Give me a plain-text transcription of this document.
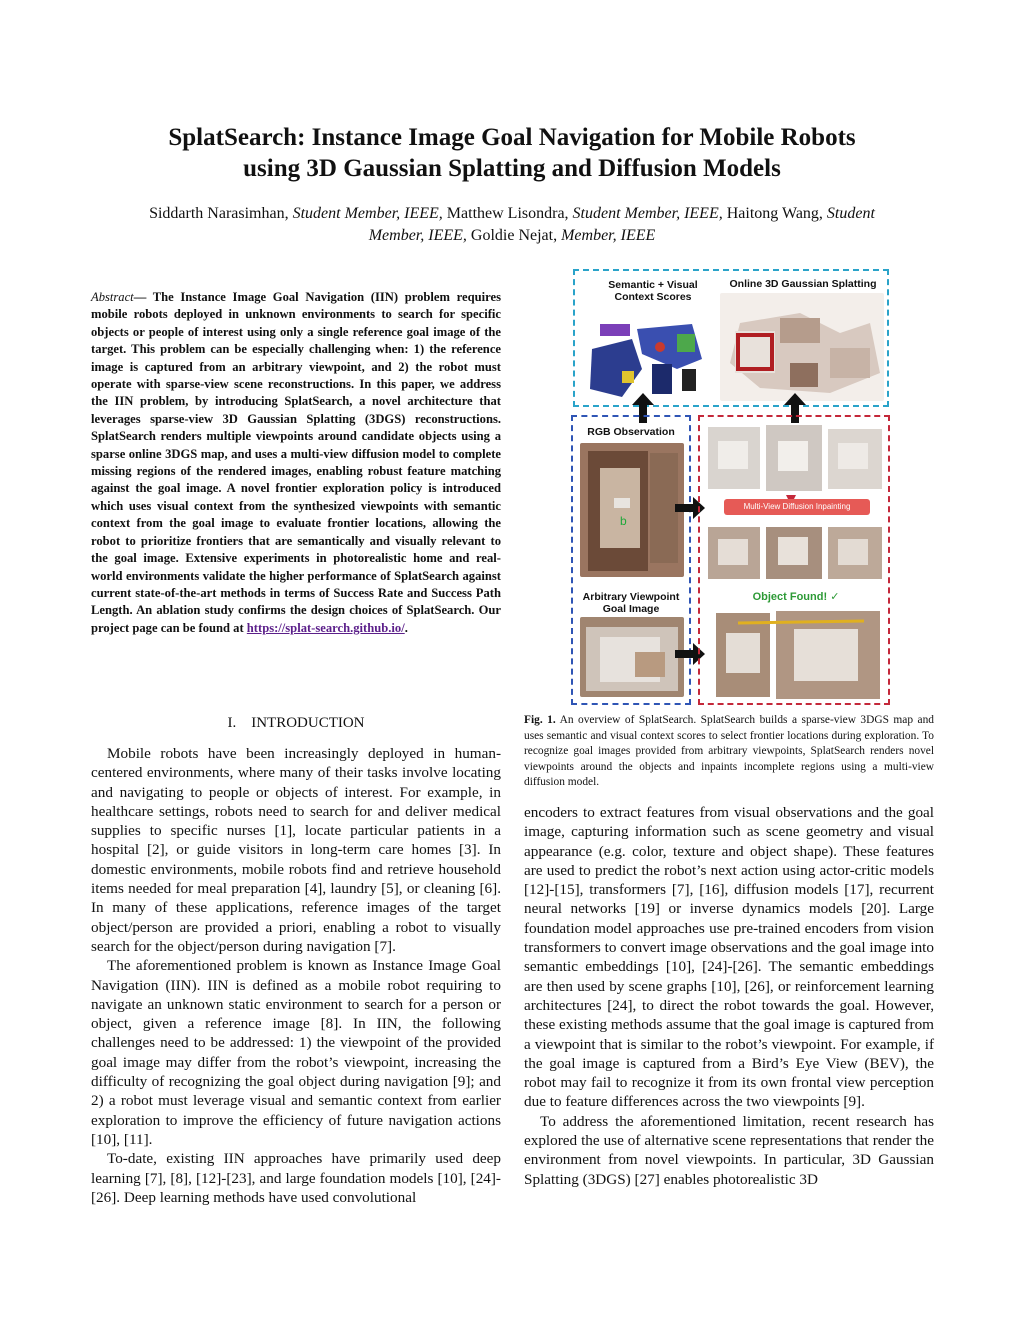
SplatSearch: Instance Image Goal Navigation for Mobile Robots
using 3D Gaussian Splatting and Diffusion Models
Siddarth Narasimhan, Student Member, IEEE, Matthew Lisondra, Student Member, IEEE, Haitong Wang, Student Member, IEEE, Goldie Nejat, Member, IEEE
Abstract— The Instance Image Goal Navigation (IIN) problem requires mobile robots deployed in unknown environments to search for specific objects or people of interest using only a single reference goal image of the target. This problem can be especially challenging when: 1) the reference image is captured from an arbitrary viewpoint, and 2) the robot must operate with sparse-view scene reconstructions. In this paper, we address the IIN problem, by introducing SplatSearch, a novel architecture that leverages sparse-view 3D Gaussian Splatting (3DGS) reconstructions. SplatSearch renders multiple viewpoints around candidate objects using a sparse online 3DGS map, and uses a multi-view diffusion model to complete missing regions of the rendered images, enabling robust feature matching against the goal image. A novel frontier exploration policy is introduced which uses visual context from the synthesized viewpoints with semantic context from the goal image to evaluate frontier locations, allowing the robot to prioritize frontiers that are semantically and visually relevant to the goal image. Extensive experiments in photorealistic home and real-world environments validate the higher performance of SplatSearch against current state-of-the-art methods in terms of Success Rate and Success Path Length. An ablation study confirms the design choices of SplatSearch. Our project page can be found at https://splat-search.github.io/.
I. INTRODUCTION

Mobile robots have been increasingly deployed in human-centered environments, where many of their tasks involve locating and navigating to people or objects of interest. For example, in healthcare settings, robots need to search for and deliver medical supplies to specific nurses [1], locate particular patients in a hospital [2], or guide visitors in long-term care homes [3]. In domestic environments, mobile robots find and retrieve household items needed for meal preparation [4], laundry [5], or cleaning [6]. In many of these applications, reference images of the target object/person are provided a priori, enabling a robot to visually search for the object/person during navigation [7].

The aforementioned problem is known as Instance Image Goal Navigation (IIN). IIN is defined as a mobile robot requiring to navigate an unknown static environment to search for a person or object, given a reference image [8]. In IIN, the following challenges need to be addressed: 1) the viewpoint of the provided goal image may differ from the robot’s viewpoint, increasing the difficulty of recognizing the goal object during navigation [9]; and 2) a robot must leverage visual and semantic context from earlier exploration to improve the efficiency of future navigation actions [10], [11].

To-date, existing IIN approaches have primarily used deep learning [7], [8], [12]-[23], and large foundation models [10], [24]-[26]. Deep learning methods have used convolutional

Semantic + Visual
Context Scores
Online 3D Gaussian Splatting
RGB Observation
b
Arbitrary Viewpoint
Goal Image
Multi-View Diffusion Inpainting
Object Found! ✓
Fig. 1. An overview of SplatSearch. SplatSearch builds a sparse-view 3DGS map and uses semantic and visual context scores to select frontier locations during exploration. To recognize goal images provided from arbitrary viewpoints, SplatSearch renders novel viewpoints around the objects and inpaints incomplete regions using a multi-view diffusion model.

encoders to extract features from visual observations and the goal image, capturing information such as scene geometry and visual appearance (e.g. color, texture and object shape). These features are used to predict the robot’s next action using actor-critic models [12]-[15], transformers [7], [16], diffusion models [17], recurrent neural networks [19] or inverse dynamics models [20]. Large foundation model approaches use pre-trained encoders from vision transformers to convert image observations and the goal image into semantic embeddings [10], [24]-[26]. The semantic embeddings are then used by scene graphs [10], [26], or reinforcement learning architectures [24], to direct the robot towards the goal. However, these existing methods assume that the goal image is captured from a viewpoint that is similar to the robot’s viewpoint. For example, if the goal image is captured from a Bird’s Eye View (BEV), the robot may fail to recognize it from its own frontal view perception due to feature differences across the two viewpoints [9].

To address the aforementioned limitation, recent research has explored the use of alternative scene representations that render the environment from novel viewpoints. In particular, 3D Gaussian Splatting (3DGS) [27] enables photorealistic 3D
